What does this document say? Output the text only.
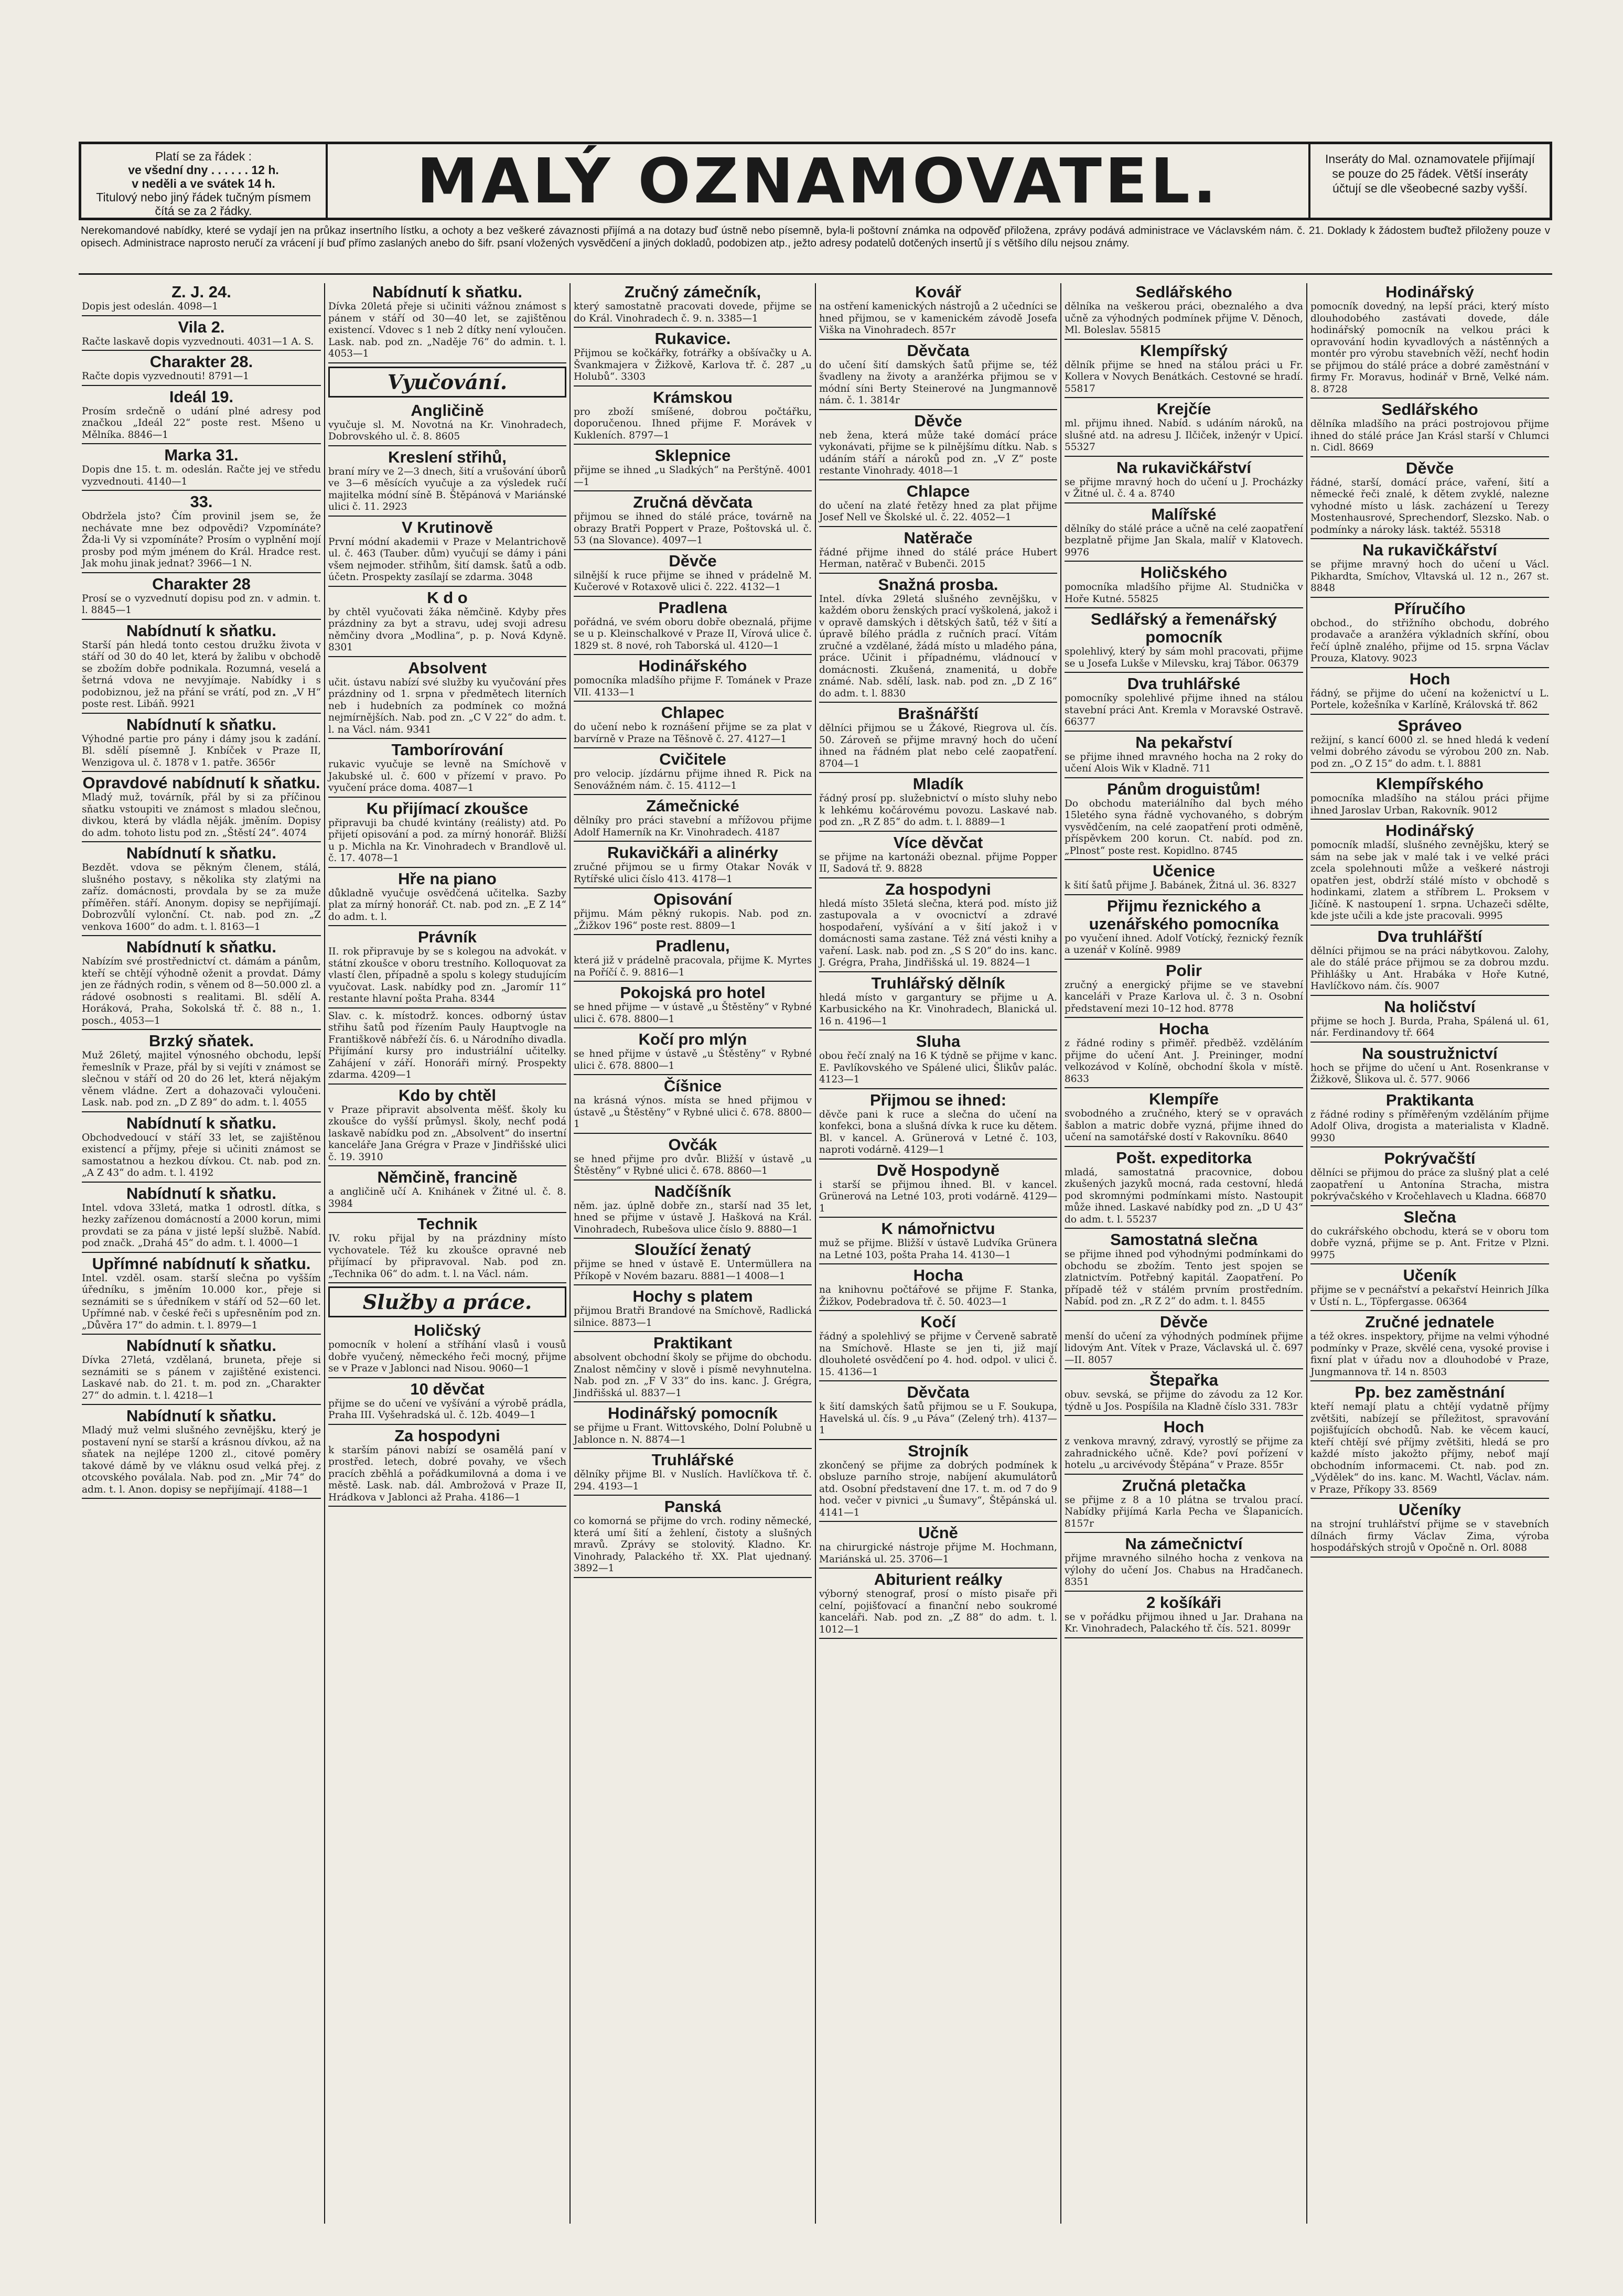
Platí se za řádek :
ve všední dny . . . . . . 12 h.
v neděli a ve svátek 14 h.
Titulový nebo jiný řádek tučným písmem čítá se za 2 řádky.	MALÝ OZNAMOVATEL.	Inseráty do Mal. oznamovatele přijímají se pouze do 25 řádek. Větší inseráty účtují se dle všeobecné sazby vyšší.
Nerekomandové nabídky, které se vydají jen na průkaz insertního lístku, a ochoty a bez veškeré závaznosti přijímá a na dotazy buď ústně nebo písemně, byla-li poštovní známka na odpověď přiložena, zprávy podává administrace ve Václavském nám. č. 21. Doklady k žádostem buďtež přiloženy pouze v opisech. Administrace naprosto neručí za vrácení jí buď přímo zaslaných anebo do šifr. psaní vložených vysvědčení a jiných dokladů, podobizen atp., ježto adresy podatelů dotčených insertů jí s většího dílu nejsou známy.

Z. J. 24.

Dopis jest odeslán. 4098—1

Vila 2.

Račte laskavě dopis vyzvednouti. 4031—1 A. S.

Charakter 28.

Račte dopis vyzvednouti! 8791—1

Ideál 19.

Prosím srdečně o udání plné adresy pod značkou „Ideál 22“ poste rest. Mšeno u Mělníka. 8846—1

Marka 31.

Dopis dne 15. t. m. odeslán. Račte jej ve středu vyzvednouti. 4140—1

33.

Obdržela jsto? Čím provinil jsem se, že nechávate mne bez odpovědi? Vzpomínáte? Žda-li Vy si vzpomínáte? Prosím o vyplnění mojí prosby pod mým jménem do Král. Hradce rest. Jak mohu jinak jednat? 3966—1 N.

Charakter 28

Prosí se o vyzvednutí dopisu pod zn. v admin. t. l. 8845—1

Nabídnutí k sňatku.

Starší pán hledá tonto cestou družku života v stáří od 30 do 40 let, která by žalibu v obchodě se zbožím dobře podnikala. Rozumná, veselá a šetrná vdova ne nevyjímaje. Nabídky i s podobiznou, jež na přání se vrátí, pod zn. „V H“ poste rest. Libáň. 9921

Nabídnutí k sňatku.

Výhodné partie pro pány i dámy jsou k zadání. Bl. sdělí písemně J. Knbíček v Praze II, Wenzigova ul. č. 1878 v 1. patře. 3656r

Opravdové nabídnutí k sňatku.

Mladý muž, továrník, přál by si za příčinou sňatku vstoupiti ve známost s mladou slečnou, divkou, která by vládla něják. jměním. Dopisy do adm. tohoto listu pod zn. „Štěstí 24“. 4074

Nabídnutí k sňatku.

Bezdět. vdova se pěkným členem, stálá, slušného postavy, s několika sty zlatými na zaříz. domácnosti, provdala by se za muže příměřen. stáří. Anonym. dopisy se nepřijímají. Dobrozvůlí vylonční. Ct. nab. pod zn. „Z venkova 1600“ do adm. t. l. 8163—1

Nabídnutí k sňatku.

Nabízím své prostřednictví ct. dámám a pánům, kteří se chtějí výhodně oženit a provdat. Dámy jen ze řádných rodin, s věnem od 8—50.000 zl. a rádové osobnosti s realitami. Bl. sdělí A. Horáková, Praha, Sokolská tř. č. 88 n., 1. posch., 4053—1

Brzký sňatek.

Muž 26letý, majitel výnosného obchodu, lepší řemeslník v Praze, přál by si vejíti v známost se slečnou v stáří od 20 do 26 let, která nějakým věnem vládne. Zert a dohazovači vyloučeni. Lask. nab. pod zn. „D Z 89“ do adm. t. l. 4055

Nabídnutí k sňatku.

Obchodvedoucí v stáří 33 let, se zajištěnou existencí a příjmy, přeje si učiniti známost se samostatnou a hezkou dívkou. Ct. nab. pod zn. „A Z 43“ do adm. t. l. 4192

Nabídnutí k sňatku.

Intel. vdova 33letá, matka 1 odrostl. dítka, s hezky zařízenou domácností a 2000 korun, mimi provdati se za pána v jisté lepší službě. Nabíd. pod značk. „Drahá 45“ do adm. t. l. 4000—1

Upřímné nabídnutí k sňatku.

Intel. vzděl. osam. starší slečna po vyšším úředníku, s jměním 10.000 kor., přeje si seznámiti se s úředníkem v stáří od 52—60 let. Upřímné nab. v české řeči s upřesněním pod zn. „Důvěra 17“ do admin. t. l. 8979—1

Nabídnutí k sňatku.

Dívka 27letá, vzdělaná, bruneta, přeje si seznámiti se s pánem v zajištěné existenci. Laskavé nab. do 21. t. m. pod zn. „Charakter 27“ do admin. t. l. 4218—1

Nabídnutí k sňatku.

Mladý muž velmi slušného zevnějšku, který je postavení nyní se starší a krásnou dívkou, až na sňatek na nejlépe 1200 zl., citové poměry takové dámě by ve vláknu osud velká přej. z otcovského poválala. Nab. pod zn. „Mir 74“ do adm. t. l. Anon. dopisy se nepřijímají. 4188—1

Nabídnutí k sňatku.

Dívka 20letá přeje si učiniti vážnou známost s pánem v stáří od 30—40 let, se zajištěnou existencí. Vdovec s 1 neb 2 dítky není vyloučen. Lask. nab. pod zn. „Naděje 76“ do admin. t. l. 4053—1

Vyučování.

Angličině

vyučuje sl. M. Novotná na Kr. Vinohradech, Dobrovského ul. č. 8. 8605

Kreslení střihů,

braní míry ve 2—3 dnech, šití a vrušování úborů ve 3—6 měsících vyučuje a za výsledek ručí majitelka módní síně B. Štěpánová v Mariánské ulici č. 11. 2923

V Krutinově

První módní akademii v Praze v Melantrichově ul. č. 463 (Tauber. dům) vyučují se dámy i páni všem nejmoder. střihům, šití damsk. šatů a odb. účetn. Prospekty zasílají se zdarma. 3048

K d o

by chtěl vyučovati žáka němčině. Kdyby přes prázdniny za byt a stravu, udej svoji adresu němčiny dvora „Modlina“, p. p. Nová Kdyně. 8301

Absolvent

učit. ústavu nabízí své služby ku vyučování přes prázdniny od 1. srpna v předmětech literních neb i hudebních za podmínek co možná nejmírnějších. Nab. pod zn. „C V 22“ do adm. t. l. na Václ. nám. 9341

Tamborírování

rukavic vyučuje se levně na Smíchově v Jakubské ul. č. 600 v přízemí v pravo. Po vyučení práce doma. 4087—1

Ku přijímací zkoušce

připravuji ba chudé kvintány (reálisty) atd. Po přijetí opisování a pod. za mírný honorář. Bližší u p. Michla na Kr. Vinohradech v Brandlově ul. č. 17. 4078—1

Hře na piano

důkladně vyučuje osvědčená učitelka. Sazby plat za mírný honorář. Ct. nab. pod zn. „E Z 14“ do adm. t. l.

Právník

II. rok připravuje by se s kolegou na advokát. v státní zkoušce v oboru trestního. Kolloquovat za vlastí člen, případně a spolu s kolegy studujícím vyučovat. Lask. nabídky pod zn. „Jaromír 11“ restante hlavní pošta Praha. 8344

Slav. c. k. místodrž. konces. odborný ústav střihu šatů pod řízením Pauly Hauptvogle na Františkově nábřeží čís. 6. u Národního divadla. Přijímání kursy pro industriální učitelky. Zahájení v září. Honoráři mírný. Prospekty zdarma. 4209—1

Kdo by chtěl

v Praze připravit absolventa měšť. školy ku zkoušce do vyšší průmysl. školy, nechť podá laskavě nabídku pod zn. „Absolvent“ do insertní kanceláře Jana Grégra v Praze v Jindřišské ulici č. 19. 3910

Němčině, francině

a angličině učí A. Knihánek v Žitné ul. č. 8. 3984

Technik

IV. roku přijal by na prázdniny místo vychovatele. Též ku zkoušce opravné neb přijímací by připravoval. Nab. pod zn. „Technika 06“ do adm. t. l. na Václ. nám.

Služby a práce.

Holičský

pomocník v holení a stříhání vlasů i vousů dobře vyučený, německého řeči mocný, přijme se v Praze v Jablonci nad Nisou. 9060—1

10 děvčat

přijme se do učení ve vyšívání a výrobě prádla, Praha III. Vyšehradská ul. č. 12b. 4049—1

Za hospodyni

k starším pánovi nabízí se osamělá paní v prostřed. letech, dobré povahy, ve všech pracích zběhlá a pořádkumilovná a doma i ve městě. Lask. nab. dál. Ambrožová v Praze II, Hrádkova v Jablonci až Praha. 4186—1

Zručný zámečník,

který samostatně pracovati dovede, přijme se do Král. Vinohradech č. 9. n. 3385—1

Rukavice.

Přijmou se kočkářky, fotrářky a obšívačky u A. Švankmajera v Žižkově, Karlova tř. č. 287 „u Holubů“. 3303

Krámskou

pro zboží smíšené, dobrou počtářku, doporučenou. Ihned přijme F. Morávek v Kukleních. 8797—1

Sklepnice

přijme se ihned „u Sladkých“ na Perštýně. 4001—1

Zručná děvčata

přijmou se ihned do stálé práce, továrně na obrazy Bratři Poppert v Praze, Poštovská ul. č. 53 (na Slovance). 4097—1

Děvče

silnější k ruce přijme se ihned v prádelně M. Kučerové v Rotaxově ulici č. 222. 4132—1

Pradlena

pořádná, ve svém oboru dobře obeznalá, přijme se u p. Kleinschalkové v Praze II, Vírová ulice č. 1829 st. 8 nové, roh Taborská ul. 4120—1

Hodinářského

pomocníka mladšího přijme F. Tománek v Praze VII. 4133—1

Chlapec

do učení nebo k roznášení přijme se za plat v barvírně v Praze na Těšnově č. 27. 4127—1

Cvičitele

pro velocip. jízdárnu přijme ihned R. Pick na Senovážném nám. č. 15. 4112—1

Zámečnické

dělníky pro práci stavební a mřížovou přijme Adolf Hamerník na Kr. Vinohradech. 4187

Rukavičkáři a alinérky

zručné přijmou se u firmy Otakar Novák v Rytířské ulici číslo 413. 4178—1

Opisování

přijmu. Mám pěkný rukopis. Nab. pod zn. „Žižkov 196“ poste rest. 8809—1

Pradlenu,

která již v prádelně pracovala, přijme K. Myrtes na Poříčí č. 9. 8816—1

Pokojská pro hotel

se hned přijme — v ústavě „u Štěstěny“ v Rybné ulici č. 678. 8800—1

Kočí pro mlýn

se hned přijme v ústavě „u Štěstěny“ v Rybné ulici č. 678. 8800—1

Číšnice

na krásná výnos. místa se hned přijmou v ústavě „u Štěstěny“ v Rybné ulici č. 678. 8800—1

Ovčák

se hned přijme pro dvůr. Bližší v ústavě „u Štěstěny“ v Rybné ulici č. 678. 8860—1

Nadčíšník

něm. jaz. úplně dobře zn., starší nad 35 let, hned se přijme v ústavě J. Hašková na Král. Vinohradech, Rubešova ulice číslo 9. 8880—1

Sloužící ženatý

přijme se hned v ústavě E. Untermüllera na Příkopě v Novém bazaru. 8881—1 4008—1

Hochy s platem

přijmou Bratři Brandové na Smíchově, Radlická silnice. 8873—1

Praktikant

absolvent obchodní školy se přijme do obchodu. Znalost němčiny v slově i písmě nevyhnutelna. Nab. pod zn. „F V 33“ do ins. kanc. J. Grégra, Jindřišská ul. 8837—1

Hodinářský pomocník

se přijme u Frant. Wittovského, Dolní Polubně u Jablonce n. N. 8874—1

Truhlářské

dělníky přijme Bl. v Nuslích. Havlíčkova tř. č. 294. 4193—1

Panská

co komorná se přijme do vrch. rodiny německé, která umí šití a žehlení, čistoty a slušných mravů. Zprávy se stolovitý. Kladno. Kr. Vinohrady, Palackého tř. XX. Plat ujednaný. 3892—1

Kovář

na ostření kamenických nástrojů a 2 učedníci se hned přijmou, se v kamenickém závodě Josefa Viška na Vinohradech. 857r

Děvčata

do učení šití damských šatů přijme se, též švadleny na životy a aranžérka přijmou se v módní síni Berty Steinerové na Jungmannově nám. č. 1. 3814r

Děvče

neb žena, která může také domácí práce vykonávati, přijme se k pilnějšímu dítku. Nab. s udáním stáří a nároků pod zn. „V Z“ poste restante Vinohrady. 4018—1

Chlapce

do učení na zlaté řetězy hned za plat přijme Josef Nell ve Školské ul. č. 22. 4052—1

Natěrače

řádné přijme ihned do stálé práce Hubert Herman, natěrač v Bubenči. 2015

Snažná prosba.

Intel. dívka 29letá slušného zevnějšku, v každém oboru ženských prací vyškolená, jakož i v opravě damských i dětských šatů, též v šití a úpravě bílého prádla z ručních prací. Vítám zručné a vzdělané, žádá místo u mladého pána, práce. Učinit i případnému, vládnoucí v domácnosti. Zkušená, znamenitá, u dobře známé. Nab. sdělí, lask. nab. pod zn. „D Z 16“ do adm. t. l. 8830

Brašnářští

dělníci přijmou se u Žákové, Riegrova ul. čís. 50. Zároveň se přijme mravný hoch do učení ihned na řádném plat nebo celé zaopatření. 8704—1

Mladík

řádný prosí pp. služebnictví o místo sluhy nebo k lehkému kočárovému povozu. Laskavé nab. pod zn. „R Z 85“ do adm. t. l. 8889—1

Více děvčat

se přijme na kartonáži obeznal. přijme Popper II, Sadová tř. 9. 8828

Za hospodyni

hledá místo 35letá slečna, která pod. místo již zastupovala a v ovocnictví a zdravé hospodaření, vyšívání a v šití jakož i v domácnosti sama zastane. Též zná vésti knihy a vaření. Lask. nab. pod zn. „S S 20“ do ins. kanc. J. Grégra, Praha, Jindřišská ul. 19. 8824—1

Truhlářský dělník

hledá místo v gargantury se přijme u A. Karbusického na Kr. Vinohradech, Blanická ul. 16 n. 4196—1

Sluha

obou řečí znalý na 16 K týdně se přijme v kanc. E. Pavlíkovského ve Spálené ulici, Šlikův palác. 4123—1

Přijmou se ihned:

děvče pani k ruce a slečna do učení na konfekci, bona a slušná dívka k ruce ku dětem. Bl. v kancel. A. Grünerová v Letné č. 103, naproti vodárně. 4129—1

Dvě Hospodyně

i starší se přijmou ihned. Bl. v kancel. Grünerová na Letné 103, proti vodárně. 4129—1

K námořnictvu

muž se přijme. Bližší v ústavě Ludvíka Grünera na Letné 103, pošta Praha 14. 4130—1

Hocha

na knihovnu počtářové se přijme F. Stanka, Žižkov, Podebradova tř. č. 50. 4023—1

Kočí

řádný a spolehlivý se přijme v Červeně sabratě na Smíchově. Hlaste se jen ti, již mají dlouholeté osvědčení po 4. hod. odpol. v ulici č. 15. 4136—1

Děvčata

k šití damských šatů přijmou se u F. Soukupa, Havelská ul. čís. 9 „u Páva“ (Zelený trh). 4137—1

Strojník

zkončený se přijme za dobrých podmínek k obsluze parního stroje, nabíjení akumulátorů atd. Osobní představení dne 17. t. m. od 7 do 9 hod. večer v pivnici „u Šumavy“, Štěpánská ul. 4141—1

Učně

na chirurgické nástroje přijme M. Hochmann, Mariánská ul. 25. 3706—1

Abiturient reálky

výborný stenograf, prosí o místo pisaře při celní, pojišťovací a finanční nebo soukromé kanceláři. Nab. pod zn. „Z 88“ do adm. t. l. 1012—1

Sedlářského

dělníka na veškerou práci, obeznalého a dva učně za výhodných podmínek přijme V. Děnoch, Ml. Boleslav. 55815

Klempířský

dělník přijme se hned na stálou práci u Fr. Kollera v Novych Benátkách. Cestovné se hradí. 55817

Krejčíe

ml. přijmu ihned. Nabíd. s udáním nároků, na slušné atd. na adresu J. Ilčiček, inženýr v Upicí. 55327

Na rukavičkářství

se přijme mravný hoch do učení u J. Procházky v Žitné ul. č. 4 a. 8740

Malířské

dělníky do stálé práce a učně na celé zaopatření bezplatně přijme Jan Skala, malíř v Klatovech. 9976

Holičského

pomocníka mladšího přijme Al. Studnička v Hoře Kutné. 55825

Sedlářský a řemenářský pomocník

spolehlivý, který by sám mohl pracovati, přijme se u Josefa Lukše v Milevsku, kraj Tábor. 06379

Dva truhlářské

pomocníky spolehlivé přijme ihned na stálou stavební práci Ant. Kremla v Moravské Ostravě. 66377

Na pekařství

se přijme ihned mravného hocha na 2 roky do učení Alois Wik v Kladně. 711

Pánům droguistům!

Do obchodu materiálního dal bych mého 15letého syna řádně vychovaného, s dobrým vysvědčením, na celé zaopatření proti odměně, příspěvkem 200 korun. Ct. nabíd. pod zn. „Plnost“ poste rest. Kopidlno. 8745

Učenice

k šití šatů přijme J. Babánek, Žitná ul. 36. 8327

Přijmu řeznického a uzenářského pomocníka

po vyučení ihned. Adolf Votícký, řeznický řezník a uzenář v Kolíně. 9989

Polir

zručný a energický přijme se ve stavební kanceláři v Praze Karlova ul. č. 3 n. Osobní představení mezi 10–12 hod. 8778

Hocha

z řádné rodiny s přiměř. předběž. vzděláním přijme do učení Ant. J. Preininger, modní velkozávod v Kolíně, obchodní škola v místě. 8633

Klempíře

svobodného a zručného, který se v opravách šablon a matric dobře vyzná, přijme ihned do učení na samotářské dostí v Rakovníku. 8640

Pošt. expeditorka

mladá, samostatná pracovnice, dobou zkušených jazyků mocná, rada cestovní, hledá pod skromnými podmínkami místo. Nastoupit může ihned. Laskavé nabídky pod zn. „D U 43“ do adm. t. l. 55237

Samostatná slečna

se přijme ihned pod výhodnými podmínkami do obchodu se zbožím. Tento jest spojen se zlatnictvím. Potřebný kapitál. Zaopatření. Po případě též v stálém prvním prostředním. Nabíd. pod zn. „R Z 2“ do adm. t. l. 8455

Děvče

menší do učení za výhodných podmínek přijme lidovým Ant. Vítek v Praze, Václavská ul. č. 697—II. 8057

Štepařka

obuv. sevská, se přijme do závodu za 12 Kor. týdně u Jos. Pospíšila na Kladně číslo 331. 783r

Hoch

z venkova mravný, zdravý, vyrostlý se přijme za zahradnického učně. Kde? poví pořízení v hotelu „u arcivévody Štěpána“ v Praze. 855r

Zručná pletačka

se přijme z 8 a 10 plátna se trvalou prací. Nabídky přijímá Karla Pecha ve Šlapanicích. 8157r

Na zámečnictví

přijme mravného silného hocha z venkova na výlohy do učení Jos. Chabus na Hradčanech. 8351

2 košíkáři

se v pořádku přijmou ihned u Jar. Drahana na Kr. Vinohradech, Palackého tř. čís. 521. 8099r

Hodinářský

pomocník dovedný, na lepší práci, který místo dlouhodobého zastávati dovede, dále hodinářský pomocník na velkou práci k opravování hodin kyvadlových a nástěnných a montér pro výrobu stavebních věží, nechť hodin se přijmou do stálé práce a dobré zaměstnání v firmy Fr. Moravus, hodinář v Brně, Velké nám. 8. 8728

Sedlářského

dělníka mladšího na práci postrojovou přijme ihned do stálé práce Jan Krásl starší v Chlumci n. Cidl. 8669

Děvče

řádné, starší, domácí práce, vaření, šití a německé řeči znalé, k dětem zvyklé, nalezne vyhodné místo u lásk. zacházení u Terezy Mostenhausrové, Sprechendorf, Slezsko. Nab. o podmínky a nároky lásk. taktéž. 55318

Na rukavičkářství

se přijme mravný hoch do učení u Václ. Pikhardta, Smíchov, Vltavská ul. 12 n., 267 st. 8848

Příručího

obchod., do střižního obchodu, dobrého prodavače a aranžéra výkladních skříní, obou řečí úplně znalého, přijme od 15. srpna Václav Prouza, Klatovy. 9023

Hoch

řádný, se přijme do učení na koženictví u L. Portele, kožešníka v Karlíně, Královská tř. 862

Správeo

režijní, s kancí 6000 zl. se hned hledá k vedení velmi dobrého závodu se výrobou 200 zn. Nab. pod zn. „O Z 15“ do adm. t. l. 8881

Klempířského

pomocníka mladšího na stálou práci přijme ihned Jaroslav Urban, Rakovník. 9012

Hodinářský

pomocník mladší, slušného zevnějšku, který se sám na sebe jak v malé tak i ve velké práci zcela spolehnouti může a veškeré nástroji opatřen jest, obdrží stálé místo v obchodě s hodinkami, zlatem a stříbrem L. Proksem v Jičíně. K nastoupení 1. srpna. Uchazeči sdělte, kde jste učili a kde jste pracovali. 9995

Dva truhlářští

dělníci přijmou se na práci nábytkovou. Zalohy, ale do stálé práce přijmou se za dobrou mzdu. Přihlášky u Ant. Hrabáka v Hoře Kutné, Havlíčkovo nám. čís. 9007

Na holičství

přijme se hoch J. Burda, Praha, Spálená ul. 61, nár. Ferdinandovy tř. 664

Na soustružnictví

hoch se přijme do učení u Ant. Rosenkranse v Žižkově, Šlikova ul. č. 577. 9066

Praktikanta

z řádné rodiny s příměřeným vzděláním přijme Adolf Oliva, drogista a materialista v Kladně. 9930

Pokrývačští

dělníci se přijmou do práce za slušný plat a celé zaopatření u Antonína Stracha, mistra pokrývačského v Kročehlavech u Kladna. 66870

Slečna

do cukrářského obchodu, která se v oboru tom dobře vyzná, přijme se p. Ant. Fritze v Plzni. 9975

Učeník

přijme se v pecnářství a pekařství Heinrich Jílka v Ústí n. L., Töpfergasse. 06364

Zručné jednatele

a též okres. inspektory, přijme na velmi výhodné podmínky v Praze, skvělé cena, vysoké provise i fixní plat v úřadu nov a dlouhodobé v Praze, Jungmannova tř. 14 n. 8503

Pp. bez zaměstnání

kteří nemají platu a chtějí vydatně příjmy zvětšiti, nabízejí se příležitost, spravování pojišťujících obchodů. Nab. ke věcem kaucí, kteří chtějí své příjmy zvětšiti, hledá se pro každé místo jakožto příjmy, neboť mají obchodním informacemi. Ct. nab. pod zn. „Výdělek“ do ins. kanc. M. Wachtl, Václav. nám. v Praze, Příkopy 33. 8569

Učeníky

na strojní truhlářství přijme se v stavebních dílnách firmy Václav Zima, výroba hospodářských strojů v Opočně n. Orl. 8088
